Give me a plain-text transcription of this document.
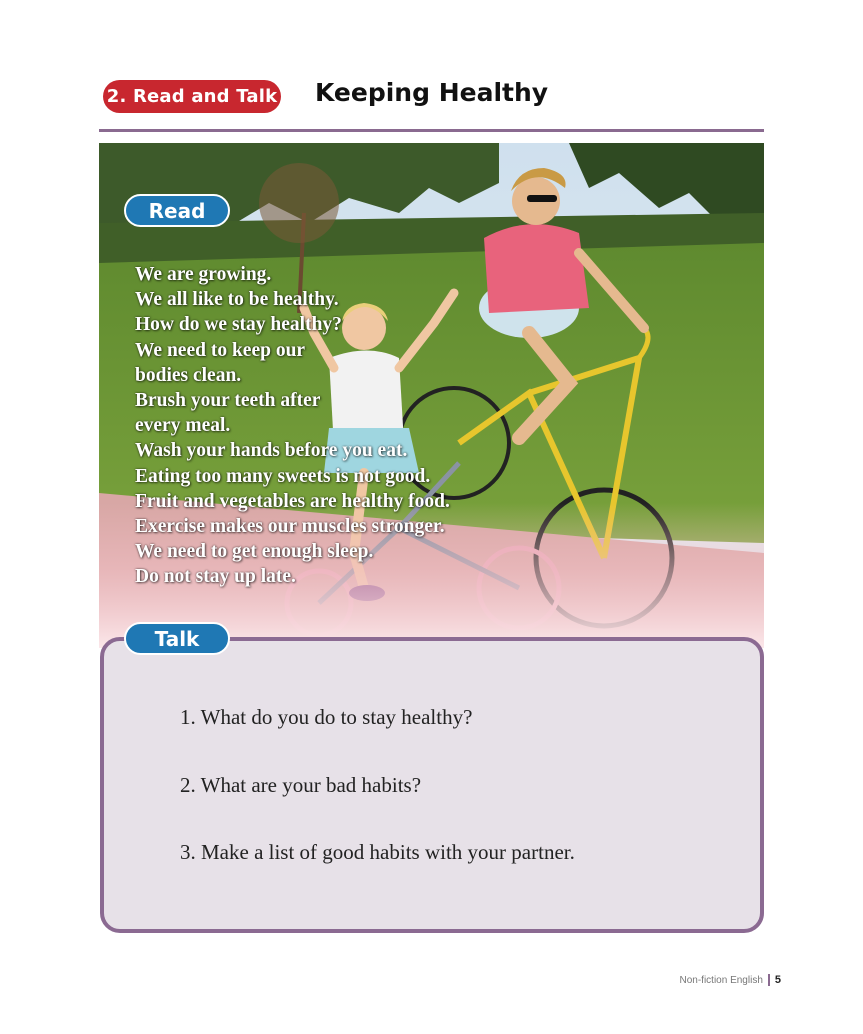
2. Read and Talk Keeping Healthy
Read
We are growing.
We all like to be healthy.
How do we stay healthy?
We need to keep our
bodies clean.
Brush your teeth after
every meal.
Wash your hands before you eat.
Eating too many sweets is not good.
Fruit and vegetables are healthy food.
Exercise makes our muscles stronger.
We need to get enough sleep.
Do not stay up late.
Talk
1. What do you do to stay healthy?
2. What are your bad habits?
3. Make a list of good habits with your partner.
Non-fiction English 5
